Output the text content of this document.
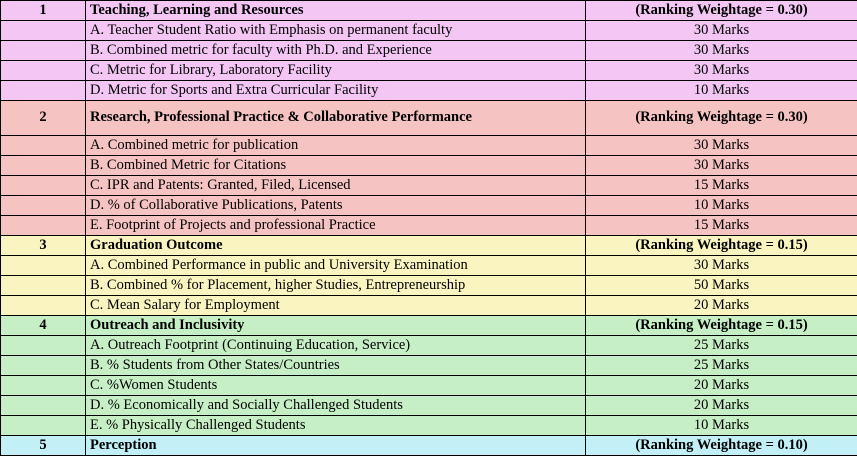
1	Teaching, Learning and Resources	(Ranking Weightage = 0.30)
	A. Teacher Student Ratio with Emphasis on permanent faculty	30 Marks
	B. Combined metric for faculty with Ph.D. and Experience	30 Marks
	C. Metric for Library, Laboratory Facility	30 Marks
	D. Metric for Sports and Extra Curricular Facility	10 Marks
2	Research, Professional Practice & Collaborative Performance	(Ranking Weightage = 0.30)
	A. Combined metric for publication	30 Marks
	B. Combined Metric for Citations	30 Marks
	C. IPR and Patents: Granted, Filed, Licensed	15 Marks
	D. % of Collaborative Publications, Patents	10 Marks
	E. Footprint of Projects and professional Practice	15 Marks
3	Graduation Outcome	(Ranking Weightage = 0.15)
	A. Combined Performance in public and University Examination	30 Marks
	B. Combined % for Placement, higher Studies, Entrepreneurship	50 Marks
	C. Mean Salary for Employment	20 Marks
4	Outreach and Inclusivity	(Ranking Weightage = 0.15)
	A. Outreach Footprint (Continuing Education, Service)	25 Marks
	B. % Students from Other States/Countries	25 Marks
	C. %Women Students	20 Marks
	D. % Economically and Socially Challenged Students	20 Marks
	E. % Physically Challenged Students	10 Marks
5	Perception	(Ranking Weightage = 0.10)
